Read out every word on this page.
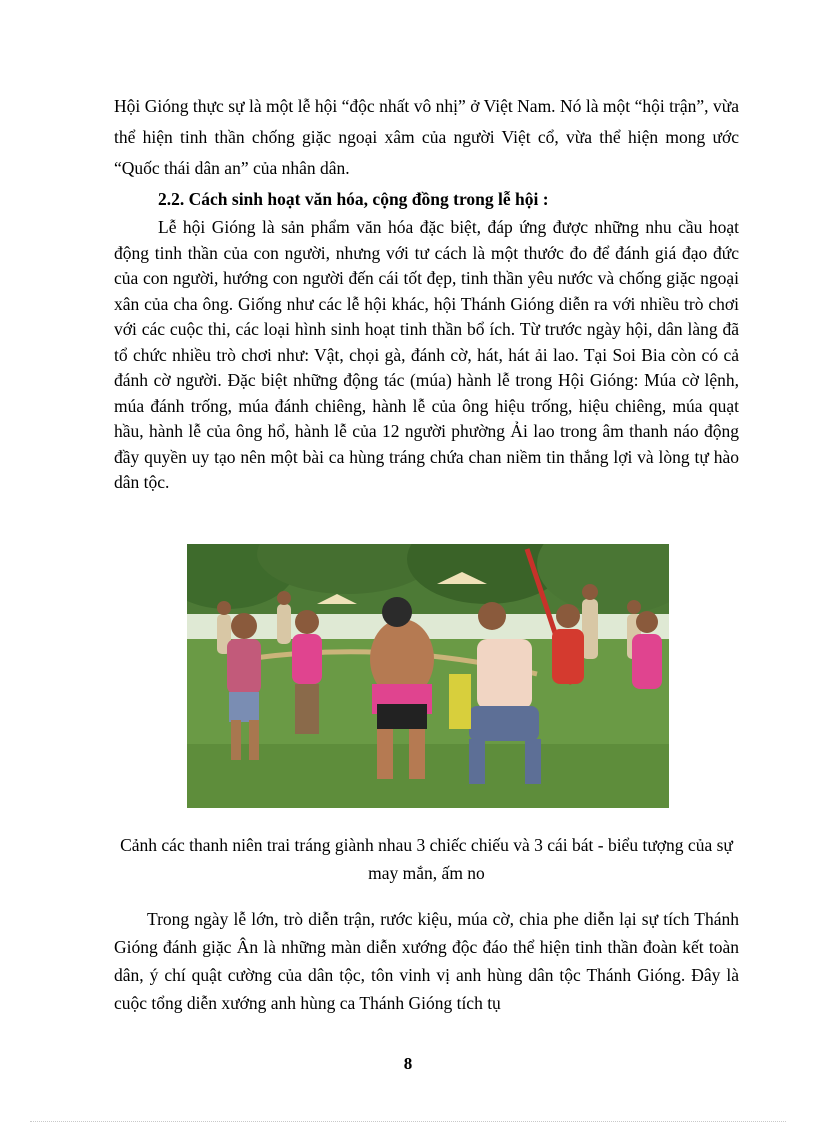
Hội Gióng thực sự là một lễ hội “độc nhất vô nhị” ở Việt Nam. Nó là một “hội trận”, vừa thể hiện tinh thần chống giặc ngoại xâm của người Việt cổ, vừa thể hiện mong ước “Quốc thái dân an” của nhân dân.

2.2. Cách sinh hoạt văn hóa, cộng đồng trong lễ hội :

Lễ hội Gióng là sản phẩm văn hóa đặc biệt, đáp ứng được những nhu cầu hoạt động tinh thần của con người, nhưng với tư cách là một thước đo để đánh giá đạo đức của con người, hướng con người đến cái tốt đẹp, tinh thần yêu nước và chống giặc ngoại xân của cha ông. Giống như các lễ hội khác, hội Thánh Gióng diễn ra với nhiều trò chơi với các cuộc thi, các loại hình sinh hoạt tinh thần bổ ích. Từ trước ngày hội, dân làng đã tổ chức nhiều trò chơi như: Vật, chọi gà, đánh cờ, hát, hát ải lao. Tại Soi Bia còn có cả đánh cờ người. Đặc biệt những động tác (múa) hành lễ trong Hội Gióng: Múa cờ lệnh, múa đánh trống, múa đánh chiêng, hành lễ của ông hiệu trống, hiệu chiêng, múa quạt hầu, hành lễ của ông hổ, hành lễ của 12 người phường Ải lao trong âm thanh náo động đầy quyền uy tạo nên một bài ca hùng tráng chứa chan niềm tin thắng lợi và lòng tự hào dân tộc.

Cảnh các thanh niên trai tráng giành nhau 3 chiếc chiếu và 3 cái bát - biểu tượng của sự may mắn, ấm no

Trong ngày lễ lớn, trò diễn trận, rước kiệu, múa cờ, chia phe diễn lại sự tích Thánh Gióng đánh giặc Ân là những màn diễn xướng độc đáo thể hiện tinh thần đoàn kết toàn dân, ý chí quật cường của dân tộc, tôn vinh vị anh hùng dân tộc Thánh Gióng. Đây là cuộc tổng diễn xướng anh hùng ca Thánh Gióng tích tụ

8
